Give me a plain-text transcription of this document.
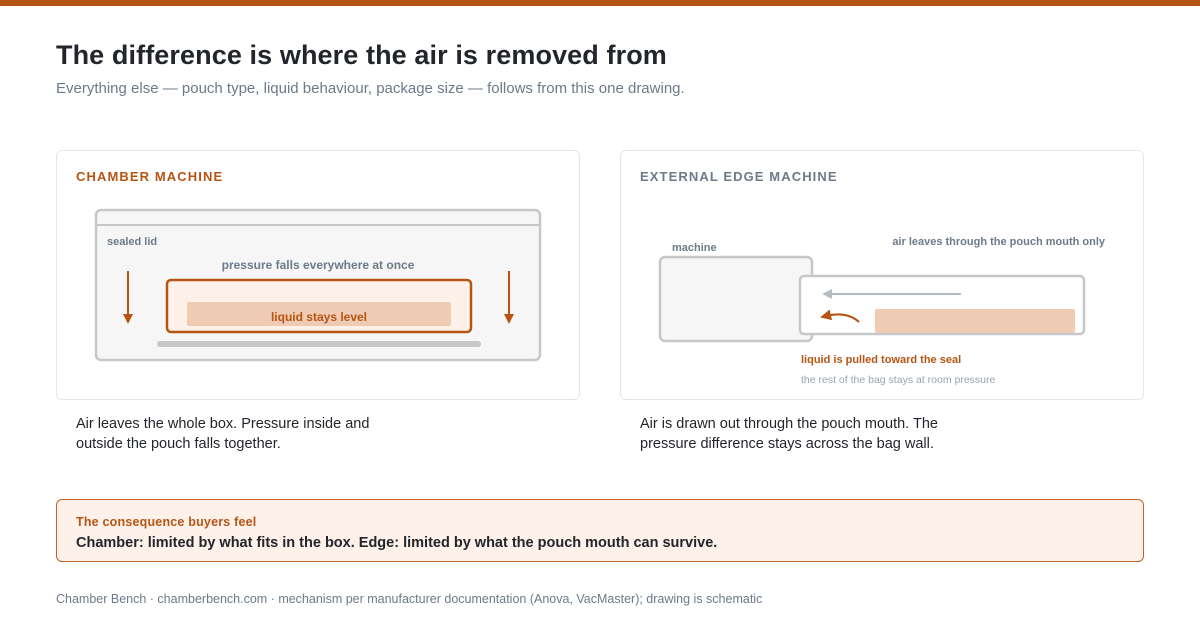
The difference is where the air is removed from

Everything else — pouch type, liquid behaviour, package size — follows from this one drawing.

CHAMBER MACHINE
sealed lid
pressure falls everywhere at once
liquid stays level
EXTERNAL EDGE MACHINE
machine	air leaves through the pouch mouth only
liquid is pulled toward the seal
the rest of the bag stays at room pressure

Air leaves the whole box. Pressure inside and outside the pouch falls together.

Air is drawn out through the pouch mouth. The pressure difference stays across the bag wall.

The consequence buyers feel
Chamber: limited by what fits in the box. Edge: limited by what the pouch mouth can survive.

Chamber Bench · chamberbench.com · mechanism per manufacturer documentation (Anova, VacMaster); drawing is schematic
